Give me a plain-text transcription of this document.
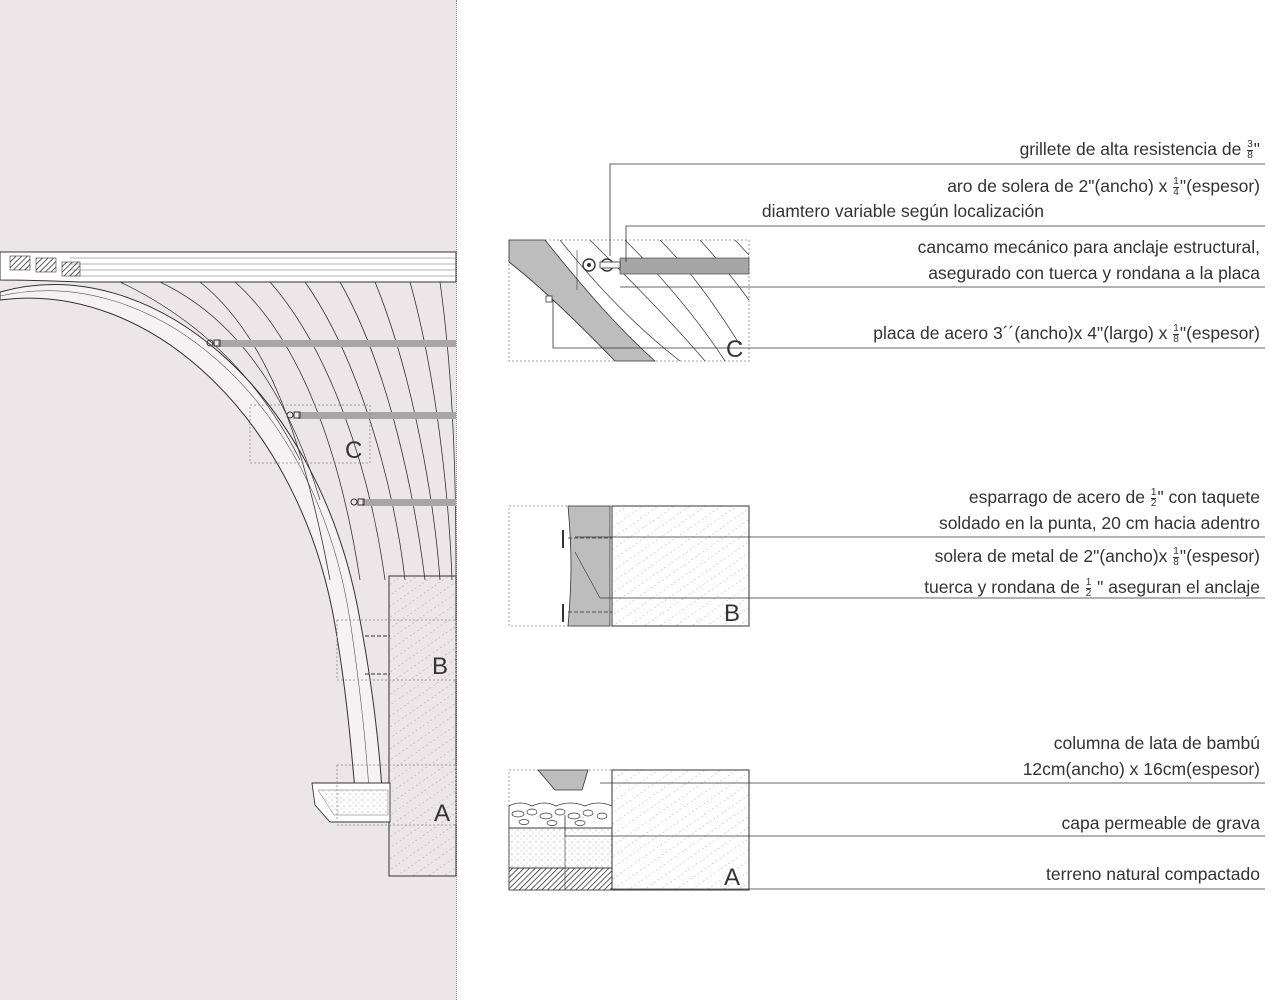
C
B
A
C
B
A
grillete de alta resistencia de $\frac{3}{8}$ "
aro de solera de 2"(ancho) x $\frac{1}{4}$ "(espesor)
diamtero variable según localización
cancamo mecánico para anclaje estructural,
asegurado con tuerca y rondana a la placa
placa de acero 3´´(ancho)x 4"(largo) x $\frac{1}{8}$ "(espesor)
esparrago de acero de $\frac{1}{2}$ " con taquete
soldado en la punta, 20 cm hacia adentro
solera de metal de 2"(ancho)x $\frac{1}{8}$ "(espesor)
tuerca y rondana de $\frac{1}{2}$ " aseguran el anclaje
columna de lata de bambú
12cm(ancho) x 16cm(espesor)
capa permeable de grava
terreno natural compactado
